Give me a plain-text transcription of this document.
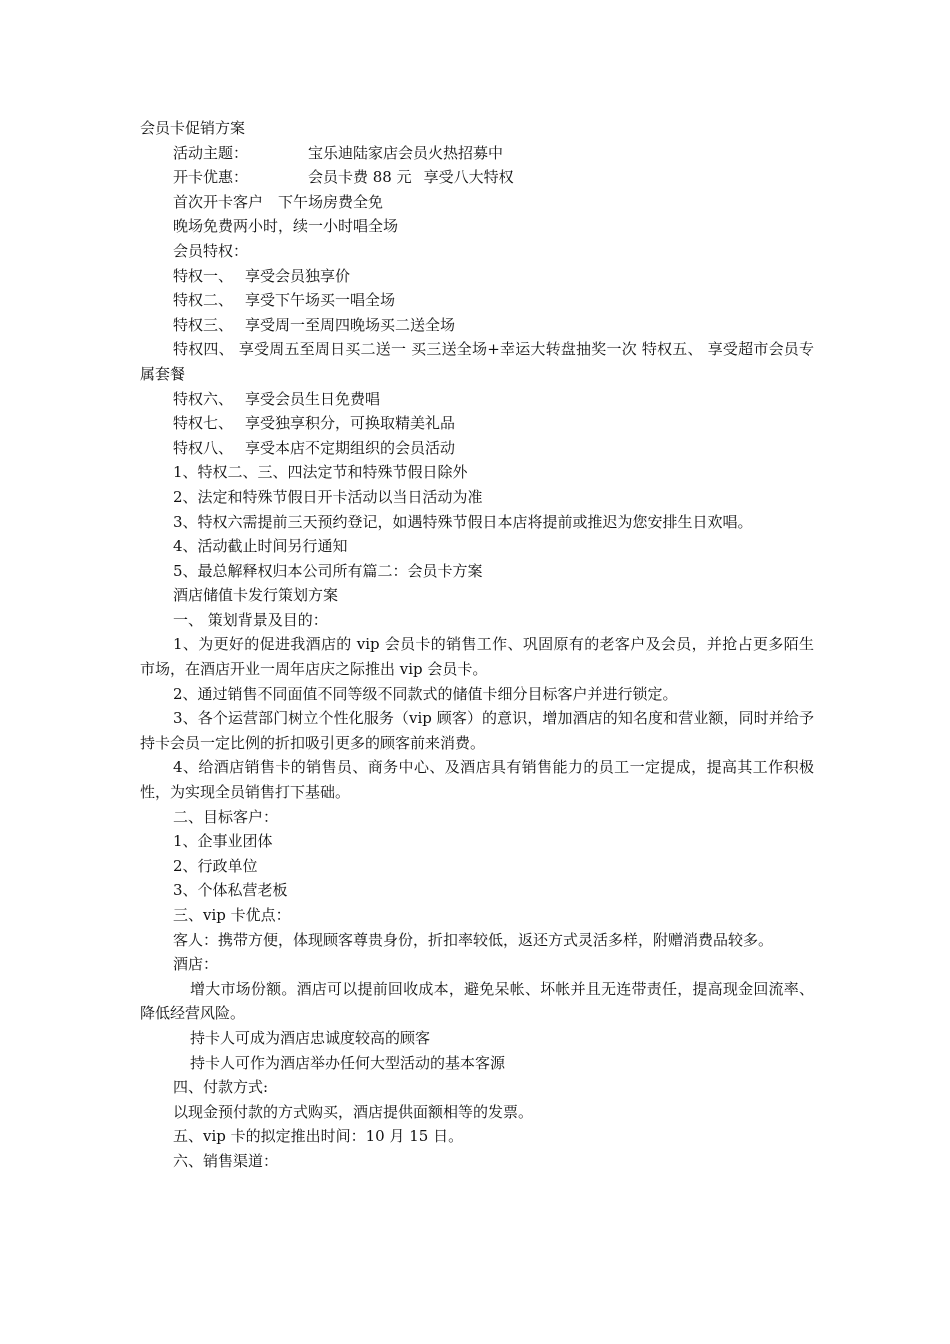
会员卡促销方案
活动主题：	宝乐迪陆家店会员火热招募中
开卡优惠：	会员卡费 88 元 享受八大特权
首次开卡客户 下午场房费全免
晚场免费两小时，续一小时唱全场
会员特权：
特权一、 享受会员独享价
特权二、 享受下午场买一唱全场
特权三、 享受周一至周四晚场买二送全场
特权四、 享受周五至周日买二送一 买三送全场+幸运大转盘抽奖一次 特权五、 享受超市会员专属套餐
特权六、 享受会员生日免费唱
特权七、 享受独享积分，可换取精美礼品
特权八、 享受本店不定期组织的会员活动
1、特权二、三、四法定节和特殊节假日除外
2、法定和特殊节假日开卡活动以当日活动为准
3、特权六需提前三天预约登记，如遇特殊节假日本店将提前或推迟为您安排生日欢唱。
4、活动截止时间另行通知
5、最总解释权归本公司所有篇二：会员卡方案
酒店储值卡发行策划方案
一、 策划背景及目的：
1、为更好的促进我酒店的 vip 会员卡的销售工作、巩固原有的老客户及会员，并抢占更多陌生市场，在酒店开业一周年店庆之际推出 vip 会员卡。
2、通过销售不同面值不同等级不同款式的储值卡细分目标客户并进行锁定。
3、各个运营部门树立个性化服务（vip 顾客）的意识，增加酒店的知名度和营业额，同时并给予持卡会员一定比例的折扣吸引更多的顾客前来消费。
4、给酒店销售卡的销售员、商务中心、及酒店具有销售能力的员工一定提成，提高其工作积极性，为实现全员销售打下基础。
二、目标客户：
1、企事业团体
2、行政单位
3、个体私营老板
三、vip 卡优点：
客人：携带方便，体现顾客尊贵身份，折扣率较低，返还方式灵活多样，附赠消费品较多。
酒店：
增大市场份额。酒店可以提前回收成本，避免呆帐、坏帐并且无连带责任，提高现金回流率、降低经营风险。
持卡人可成为酒店忠诚度较高的顾客
持卡人可作为酒店举办任何大型活动的基本客源
四、付款方式:
以现金预付款的方式购买，酒店提供面额相等的发票。
五、vip 卡的拟定推出时间：10 月 15 日。
六、销售渠道：
